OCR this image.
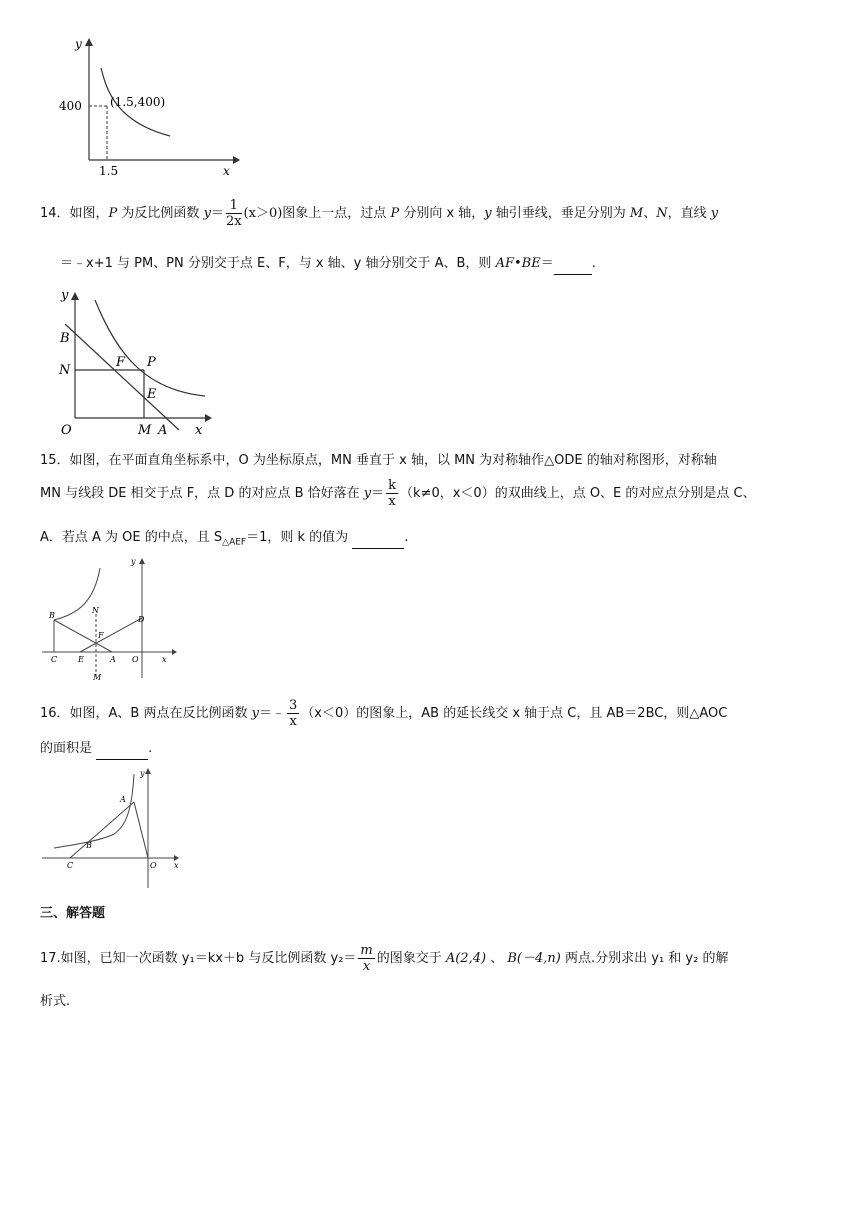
y
x
400
1.5
(1.5,400)
14．如图，P 为反比例函数 $y= \frac{1}{2x} (x>0)$图象上一点，过点 P 分别向 x 轴，y 轴引垂线，垂足分别为 M、N，直线 y
＝﹣x+1 与 PM、PN 分别交于点 E、F，与 x 轴、y 轴分别交于 A、B，则 AF•BE＝	.
y
B
N
F P
E
O	M A x
15．如图，在平面直角坐标系中，O 为坐标原点，MN 垂直于 x 轴，以 MN 为对称轴作△ODE 的轴对称图形，对称轴
MN 与线段 DE 相交于点 F，点 D 的对应点 B 恰好落在 $y= \frac{k}{x} (k\ne 0$，x＜0）的双曲线上，点 O、E 的对应点分别是点 C、
A．若点 A 为 OE 的中点，且 $S_{\triangle AEF}=1$，则 k 的值为	.
y
N
B
F
D
C	E	A O	x
M
16．如图，A、B 两点在反比例函数 y＝﹣ $\frac{3}{x} (x<0)$的图象上，AB 的延长线交 x 轴于点 C，且 AB＝2BC，则△AOC
的面积是	.
y
A
B
C	O x
三、解答题
17.如图，已知一次函数 y₁＝kx＋b 与反比例函数 $y_2= \frac{m}{x}$ 的图象交于 A(2,4) 、 B(－4,n) 两点.分别求出 y₁ 和 y₂ 的解
析式.
